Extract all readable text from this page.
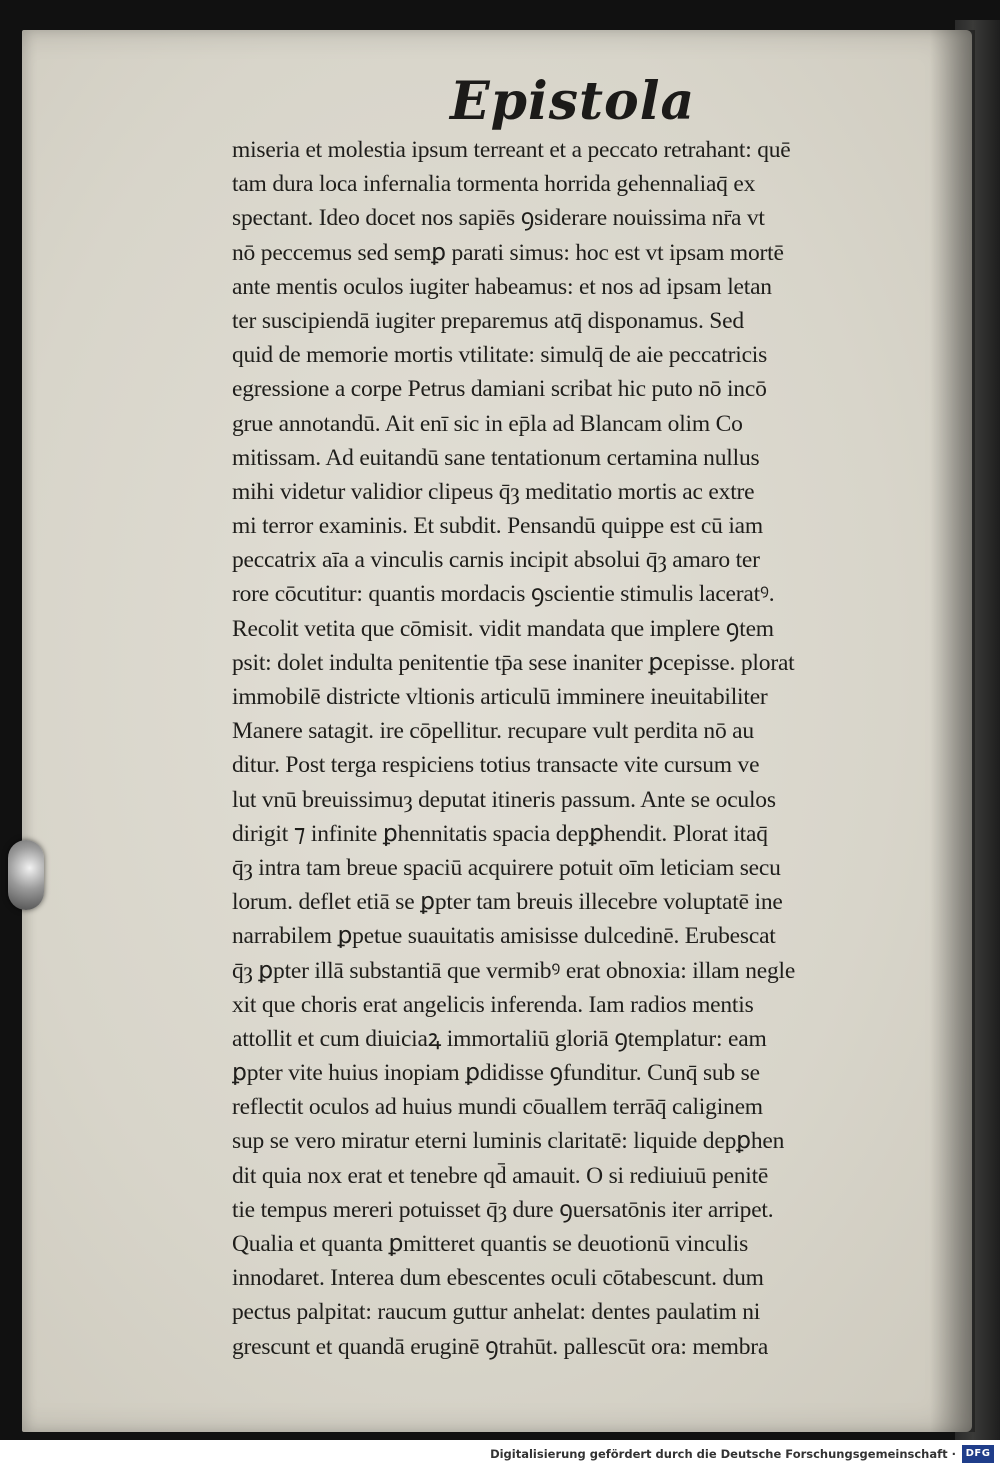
Epistola
miseria et molestia ipsum terreant et a peccato retrahant: quē
tam dura loca infernalia tormenta horrida gehennaliaq̄ ex
spectant. Ideo docet nos sapiēs ꝯsiderare nouissima nr̄a vt
nō peccemus sed semꝑ parati simus: hoc est vt ipsam mortē
ante mentis oculos iugiter habeamus: et nos ad ipsam letan
ter suscipiendā iugiter preparemus atq̄ disponamus. Sed
quid de memorie mortis vtilitate: simulq̄ de aie peccatricis
egressione a corpe Petrus damiani scribat hic puto nō incō
grue annotandū. Ait enī sic in ep̄la ad Blancam olim Co
mitissam. Ad euitandū sane tentationum certamina nullus
mihi videtur validior clipeus q̄ȝ meditatio mortis ac extre
mi terror examinis. Et subdit. Pensandū quippe est cū iam
peccatrix aīa a vinculis carnis incipit absolui q̄ȝ amaro ter
rore cōcutitur: quantis mordacis ꝯscientie stimulis laceratꝰ.
Recolit vetita que cōmisit. vidit mandata que implere ꝯtem
psit: dolet indulta penitentie tp̄a sese inaniter ꝑcepisse. plorat
immobilē districte vltionis articulū imminere ineuitabiliter
Manere satagit. ire cōpellitur. recupare vult perdita nō au
ditur. Post terga respiciens totius transacte vite cursum ve
lut vnū breuissimuȝ deputat itineris passum. Ante se oculos
dirigit ⁊ infinite ꝑhennitatis spacia depꝑhendit. Plorat itaq̄
q̄ȝ intra tam breue spaciū acquirere potuit oīm leticiam secu
lorum. deflet etiā se ꝑpter tam breuis illecebre voluptatē ine
narrabilem ꝑpetue suauitatis amisisse dulcedinē. Erubescat
q̄ȝ ꝑpter illā substantiā que vermibꝰ erat obnoxia: illam negle
xit que choris erat angelicis inferenda. Iam radios mentis
attollit et cum diuiciaꝝ immortaliū gloriā ꝯtemplatur: eam
ꝑpter vite huius inopiam ꝑdidisse ꝯfunditur. Cunq̄ sub se
reflectit oculos ad huius mundi cōuallem terrāq̄ caliginem
sup se vero miratur eterni luminis claritatē: liquide depꝑhen
dit quia nox erat et tenebre qd̄ amauit. O si rediuiuū penitē
tie tempus mereri potuisset q̄ȝ dure ꝯuersatōnis iter arripet.
Qualia et quanta ꝑmitteret quantis se deuotionū vinculis
innodaret. Interea dum ebescentes oculi cōtabescunt. dum
pectus palpitat: raucum guttur anhelat: dentes paulatim ni
grescunt et quandā eruginē ꝯtrahūt. pallescūt ora: membra
Digitalisierung gefördert durch die Deutsche Forschungsgemeinschaft · DFG
